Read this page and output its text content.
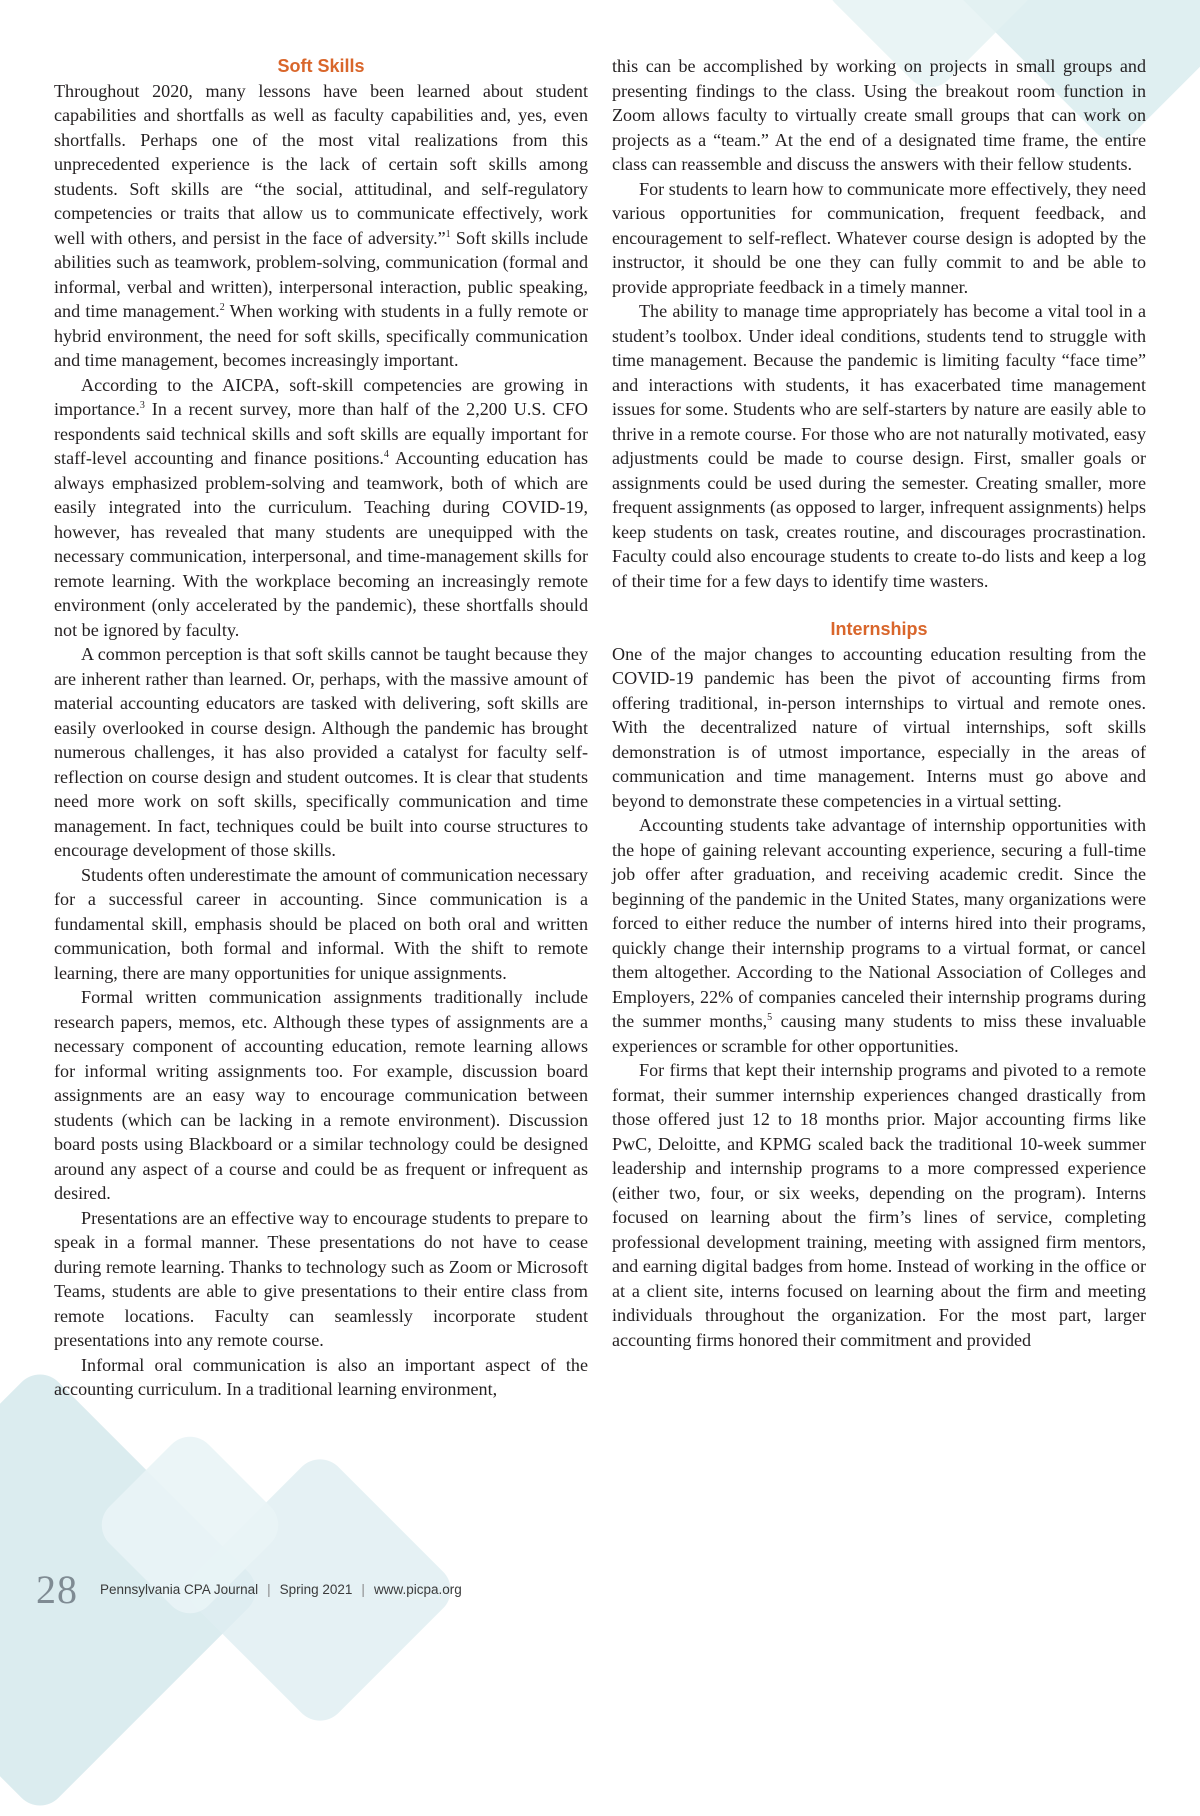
Soft Skills

Throughout 2020, many lessons have been learned about student capabilities and shortfalls as well as faculty capabilities and, yes, even shortfalls. Perhaps one of the most vital realizations from this unprecedented experience is the lack of certain soft skills among students. Soft skills are “the social, attitudinal, and self-regulatory competencies or traits that allow us to communicate effectively, work well with others, and persist in the face of adversity.”$^1$ Soft skills include abilities such as teamwork, problem-solving, communication (formal and informal, verbal and written), interpersonal interaction, public speaking, and time management.$^2$ When working with students in a fully remote or hybrid environment, the need for soft skills, specifically communication and time management, becomes increasingly important.

According to the AICPA, soft-skill competencies are growing in importance.$^3$ In a recent survey, more than half of the 2,200 U.S. CFO respondents said technical skills and soft skills are equally important for staff-level accounting and finance positions.$^4$ Accounting education has always emphasized problem-solving and teamwork, both of which are easily integrated into the curriculum. Teaching during COVID-19, however, has revealed that many students are unequipped with the necessary communication, interpersonal, and time-management skills for remote learning. With the workplace becoming an increasingly remote environment (only accelerated by the pandemic), these shortfalls should not be ignored by faculty.

A common perception is that soft skills cannot be taught because they are inherent rather than learned. Or, perhaps, with the massive amount of material accounting educators are tasked with delivering, soft skills are easily overlooked in course design. Although the pandemic has brought numerous challenges, it has also provided a catalyst for faculty self-reflection on course design and student outcomes. It is clear that students need more work on soft skills, specifically communication and time management. In fact, techniques could be built into course structures to encourage development of those skills.

Students often underestimate the amount of communication necessary for a successful career in accounting. Since communication is a fundamental skill, emphasis should be placed on both oral and written communication, both formal and informal. With the shift to remote learning, there are many opportunities for unique assignments.

Formal written communication assignments traditionally include research papers, memos, etc. Although these types of assignments are a necessary component of accounting education, remote learning allows for informal writing assignments too. For example, discussion board assignments are an easy way to encourage communication between students (which can be lacking in a remote environment). Discussion board posts using Blackboard or a similar technology could be designed around any aspect of a course and could be as frequent or infrequent as desired.

Presentations are an effective way to encourage students to prepare to speak in a formal manner. These presentations do not have to cease during remote learning. Thanks to technology such as Zoom or Microsoft Teams, students are able to give presentations to their entire class from remote locations. Faculty can seamlessly incorporate student presentations into any remote course.

Informal oral communication is also an important aspect of the accounting curriculum. In a traditional learning environment,

this can be accomplished by working on projects in small groups and presenting findings to the class. Using the breakout room function in Zoom allows faculty to virtually create small groups that can work on projects as a “team.” At the end of a designated time frame, the entire class can reassemble and discuss the answers with their fellow students.

For students to learn how to communicate more effectively, they need various opportunities for communication, frequent feedback, and encouragement to self-reflect. Whatever course design is adopted by the instructor, it should be one they can fully commit to and be able to provide appropriate feedback in a timely manner.

The ability to manage time appropriately has become a vital tool in a student’s toolbox. Under ideal conditions, students tend to struggle with time management. Because the pandemic is limiting faculty “face time” and interactions with students, it has exacerbated time management issues for some. Students who are self-starters by nature are easily able to thrive in a remote course. For those who are not naturally motivated, easy adjustments could be made to course design. First, smaller goals or assignments could be used during the semester. Creating smaller, more frequent assignments (as opposed to larger, infrequent assignments) helps keep students on task, creates routine, and discourages procrastination. Faculty could also encourage students to create to-do lists and keep a log of their time for a few days to identify time wasters.

Internships

One of the major changes to accounting education resulting from the COVID-19 pandemic has been the pivot of accounting firms from offering traditional, in-person internships to virtual and remote ones. With the decentralized nature of virtual internships, soft skills demonstration is of utmost importance, especially in the areas of communication and time management. Interns must go above and beyond to demonstrate these competencies in a virtual setting.

Accounting students take advantage of internship opportunities with the hope of gaining relevant accounting experience, securing a full-time job offer after graduation, and receiving academic credit. Since the beginning of the pandemic in the United States, many organizations were forced to either reduce the number of interns hired into their programs, quickly change their internship programs to a virtual format, or cancel them altogether. According to the National Association of Colleges and Employers, 22% of companies canceled their internship programs during the summer months,$^5$ causing many students to miss these invaluable experiences or scramble for other opportunities.

For firms that kept their internship programs and pivoted to a remote format, their summer internship experiences changed drastically from those offered just 12 to 18 months prior. Major accounting firms like PwC, Deloitte, and KPMG scaled back the traditional 10-week summer leadership and internship programs to a more compressed experience (either two, four, or six weeks, depending on the program). Interns focused on learning about the firm’s lines of service, completing professional development training, meeting with assigned firm mentors, and earning digital badges from home. Instead of working in the office or at a client site, interns focused on learning about the firm and meeting individuals throughout the organization. For the most part, larger accounting firms honored their commitment and provided

28 Pennsylvania CPA Journal | Spring 2021 | www.picpa.org
